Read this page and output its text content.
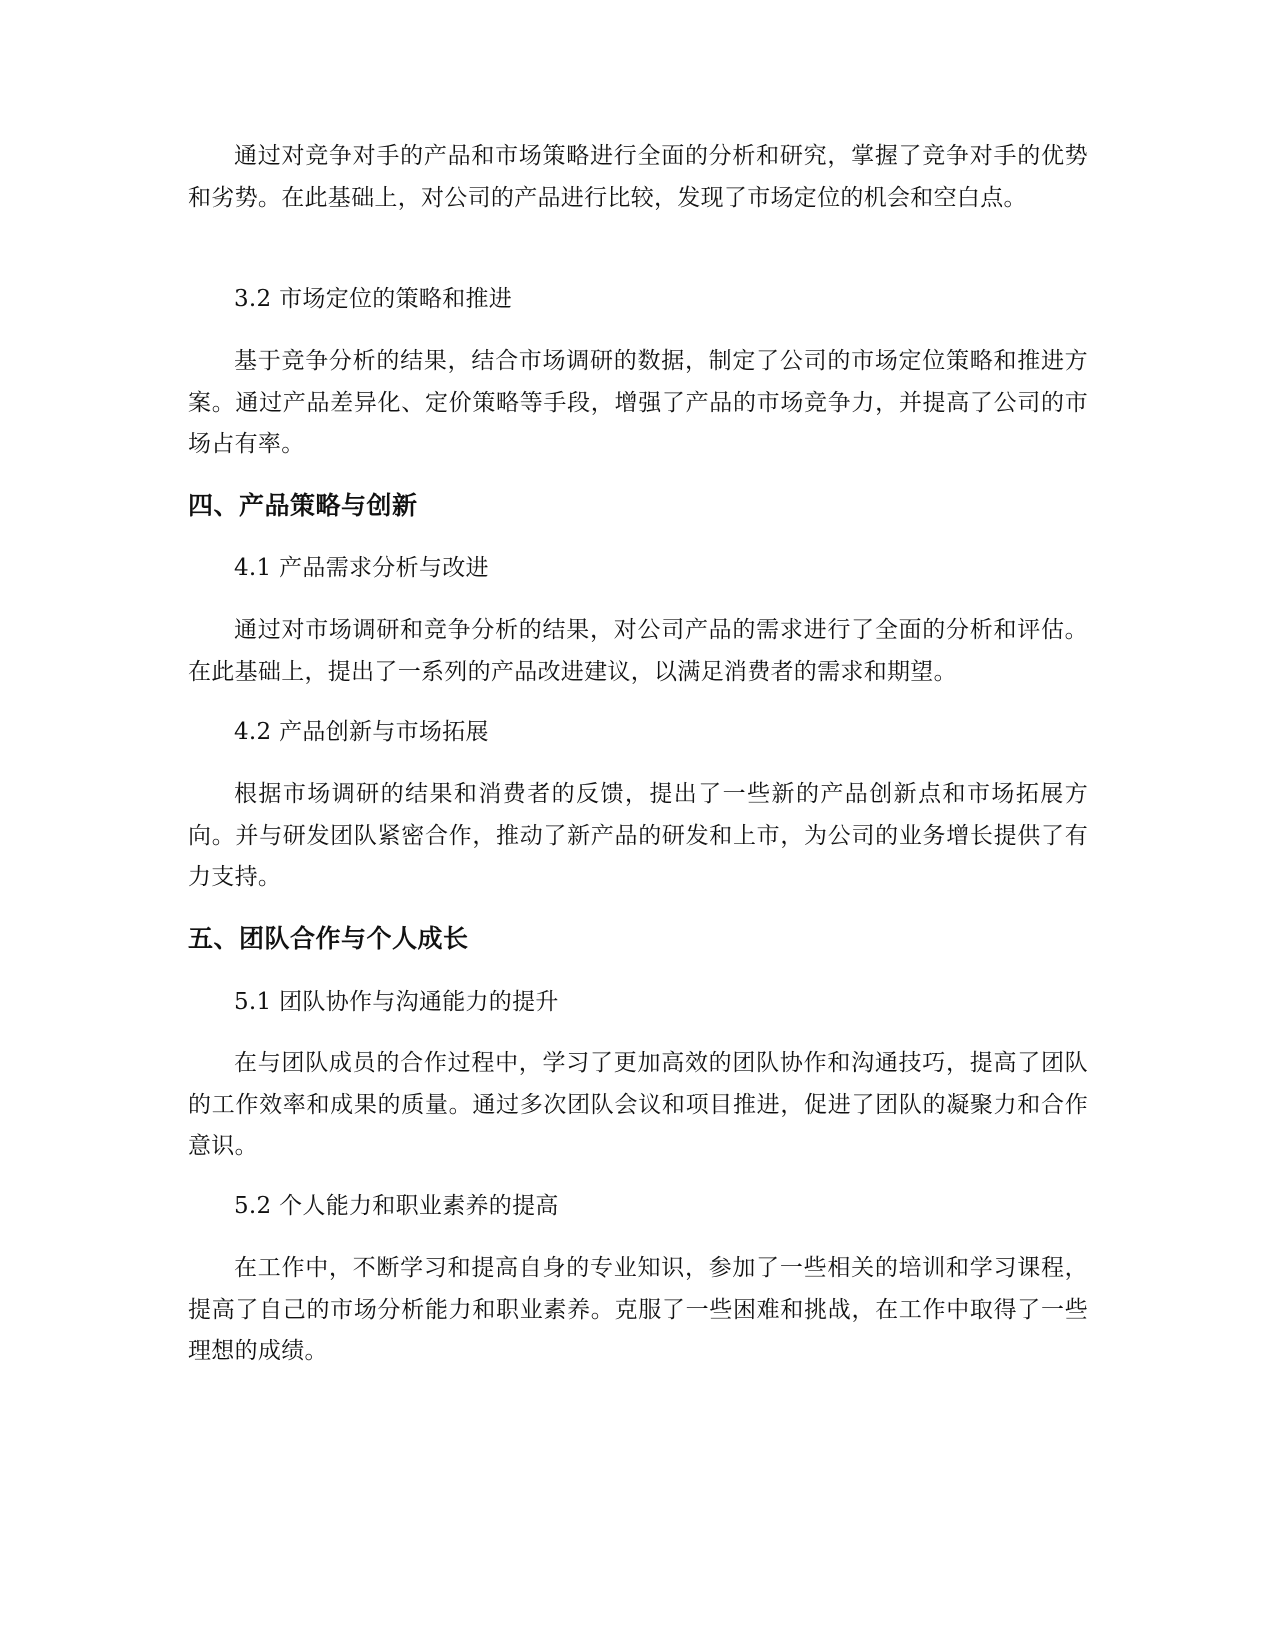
通过对竞争对手的产品和市场策略进行全面的分析和研究，掌握了竞争对手的优势和劣势。在此基础上，对公司的产品进行比较，发现了市场定位的机会和空白点。

3.2 市场定位的策略和推进

基于竞争分析的结果，结合市场调研的数据，制定了公司的市场定位策略和推进方案。通过产品差异化、定价策略等手段，增强了产品的市场竞争力，并提高了公司的市场占有率。

四、产品策略与创新

4.1 产品需求分析与改进

通过对市场调研和竞争分析的结果，对公司产品的需求进行了全面的分析和评估。在此基础上，提出了一系列的产品改进建议，以满足消费者的需求和期望。

4.2 产品创新与市场拓展

根据市场调研的结果和消费者的反馈，提出了一些新的产品创新点和市场拓展方向。并与研发团队紧密合作，推动了新产品的研发和上市，为公司的业务增长提供了有力支持。

五、团队合作与个人成长

5.1 团队协作与沟通能力的提升

在与团队成员的合作过程中，学习了更加高效的团队协作和沟通技巧，提高了团队的工作效率和成果的质量。通过多次团队会议和项目推进，促进了团队的凝聚力和合作意识。

5.2 个人能力和职业素养的提高

在工作中，不断学习和提高自身的专业知识，参加了一些相关的培训和学习课程，提高了自己的市场分析能力和职业素养。克服了一些困难和挑战，在工作中取得了一些理想的成绩。
